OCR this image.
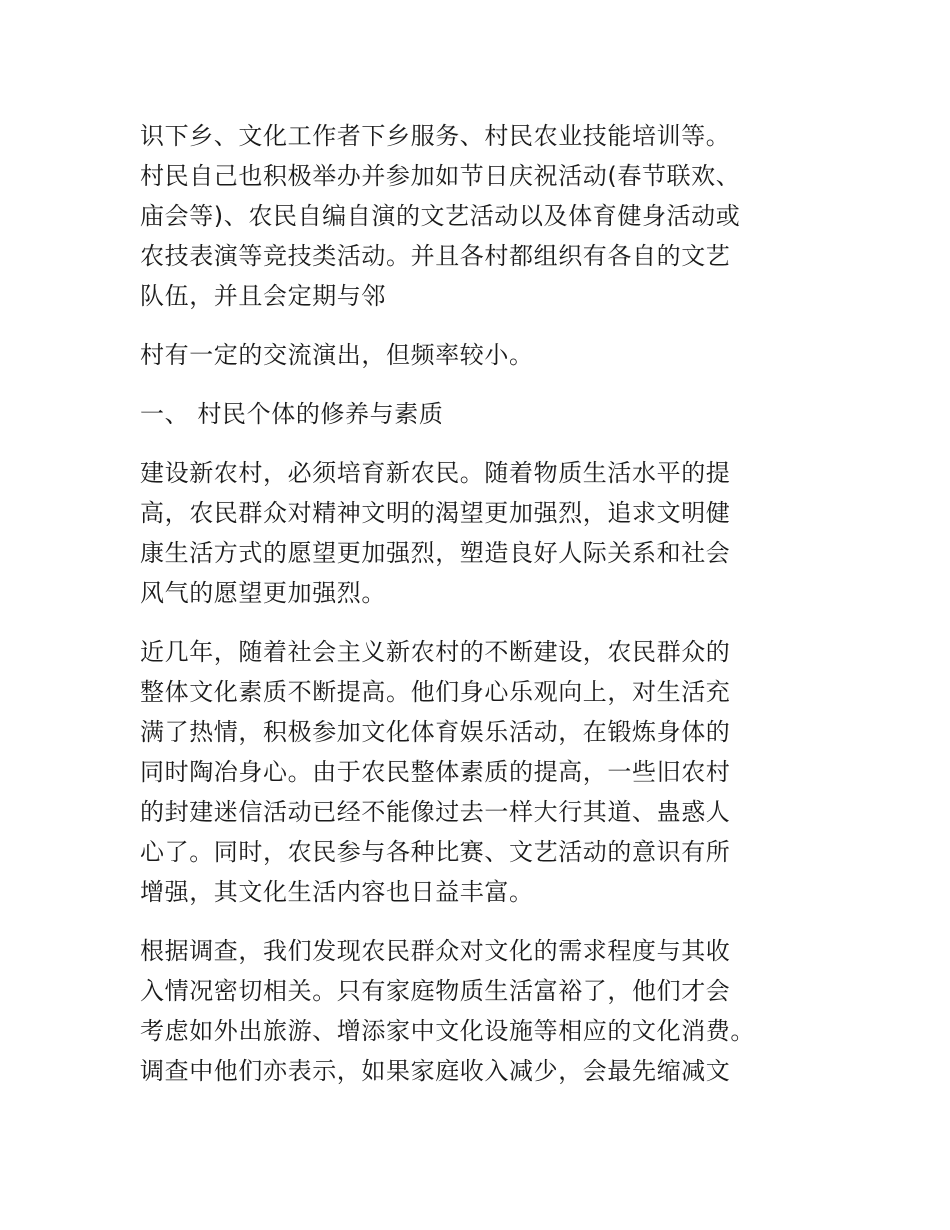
识下乡、文化工作者下乡服务、村民农业技能培训等。
村民自己也积极举办并参加如节日庆祝活动(春节联欢、
庙会等)、农民自编自演的文艺活动以及体育健身活动或
农技表演等竞技类活动。并且各村都组织有各自的文艺
队伍，并且会定期与邻

村有一定的交流演出，但频率较小。

一、 村民个体的修养与素质

建设新农村，必须培育新农民。随着物质生活水平的提
高，农民群众对精神文明的渴望更加强烈，追求文明健
康生活方式的愿望更加强烈，塑造良好人际关系和社会
风气的愿望更加强烈。

近几年，随着社会主义新农村的不断建设，农民群众的
整体文化素质不断提高。他们身心乐观向上，对生活充
满了热情，积极参加文化体育娱乐活动，在锻炼身体的
同时陶冶身心。由于农民整体素质的提高，一些旧农村
的封建迷信活动已经不能像过去一样大行其道、蛊惑人
心了。同时，农民参与各种比赛、文艺活动的意识有所
增强，其文化生活内容也日益丰富。

根据调查，我们发现农民群众对文化的需求程度与其收
入情况密切相关。只有家庭物质生活富裕了，他们才会
考虑如外出旅游、增添家中文化设施等相应的文化消费。
调查中他们亦表示，如果家庭收入减少，会最先缩减文
